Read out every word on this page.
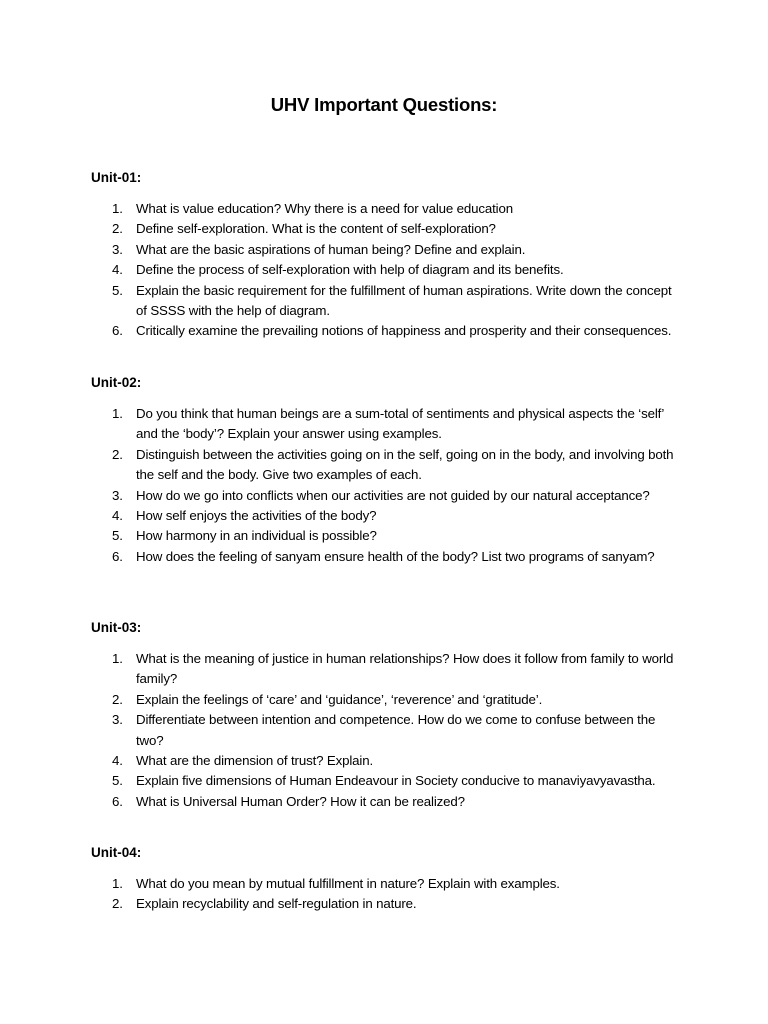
UHV Important Questions:
Unit-01:
1. What is value education? Why there is a need for value education
2. Define self-exploration. What is the content of self-exploration?
3. What are the basic aspirations of human being? Define and explain.
4. Define the process of self-exploration with help of diagram and its benefits.
5. Explain the basic requirement for the fulfillment of human aspirations. Write down the concept of SSSS with the help of diagram.
6. Critically examine the prevailing notions of happiness and prosperity and their consequences.
Unit-02:
1. Do you think that human beings are a sum-total of sentiments and physical aspects the ‘self’ and the ‘body’? Explain your answer using examples.
2. Distinguish between the activities going on in the self, going on in the body, and involving both the self and the body. Give two examples of each.
3. How do we go into conflicts when our activities are not guided by our natural acceptance?
4. How self enjoys the activities of the body?
5. How harmony in an individual is possible?
6. How does the feeling of sanyam ensure health of the body? List two programs of sanyam?
Unit-03:
1. What is the meaning of justice in human relationships? How does it follow from family to world family?
2. Explain the feelings of ‘care’ and ‘guidance’, ‘reverence’ and ‘gratitude’.
3. Differentiate between intention and competence. How do we come to confuse between the two?
4. What are the dimension of trust? Explain.
5. Explain five dimensions of Human Endeavour in Society conducive to manaviyavyavastha.
6. What is Universal Human Order? How it can be realized?
Unit-04:
1. What do you mean by mutual fulfillment in nature? Explain with examples.
2. Explain recyclability and self-regulation in nature.
